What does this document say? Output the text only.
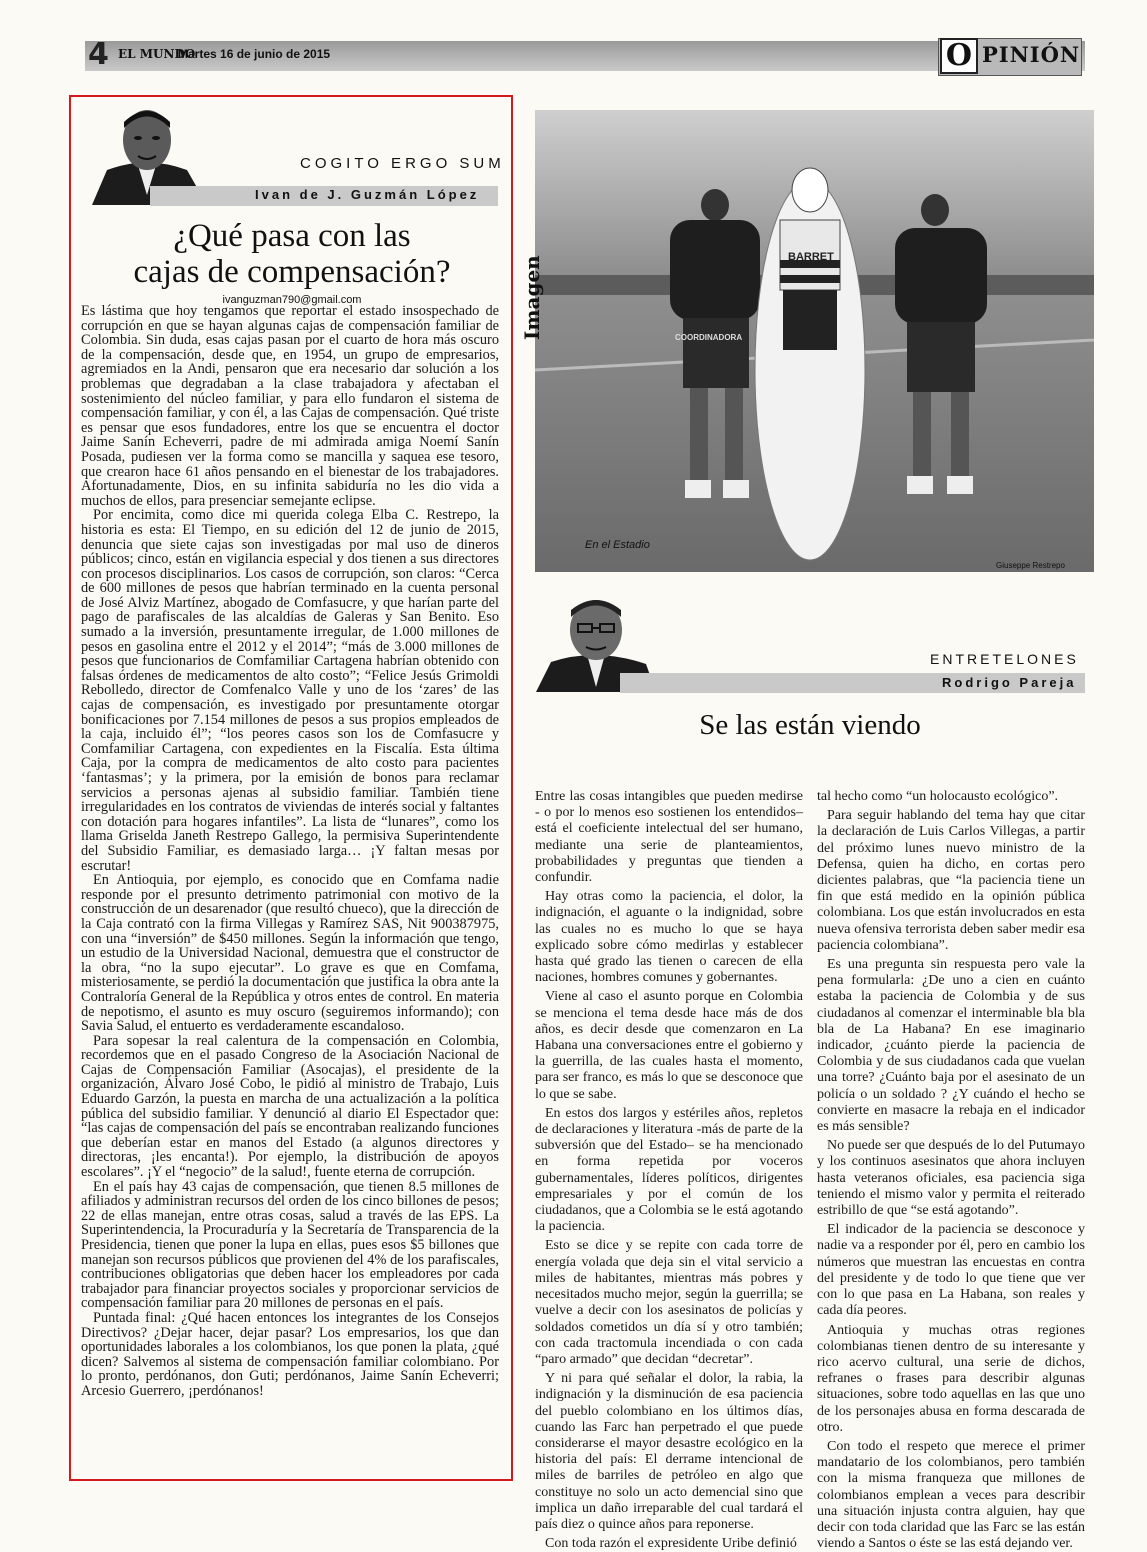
4 EL MUNDO
Martes 16 de junio de 2015	O PINIÓN
COGITO ERGO SUM
Ivan de J. Guzmán López
¿Qué pasa con las
cajas de compensación?
ivanguzman790@gmail.com

Es lástima que hoy tengamos que reportar el estado insospechado de corrupción en que se hayan algunas cajas de compensación familiar de Colombia. Sin duda, esas cajas pasan por el cuarto de hora más oscuro de la compensación, desde que, en 1954, un grupo de empresarios, agremiados en la Andi, pensaron que era necesario dar solución a los problemas que degradaban a la clase trabajadora y afectaban el sostenimiento del núcleo familiar, y para ello fundaron el sistema de compensación familiar, y con él, a las Cajas de compensación. Qué triste es pensar que esos fundadores, entre los que se encuentra el doctor Jaime Sanín Echeverri, padre de mi admirada amiga Noemí Sanín Posada, pudiesen ver la forma como se mancilla y saquea ese tesoro, que crearon hace 61 años pensando en el bienestar de los trabajadores. Afortunadamente, Dios, en su infinita sabiduría no les dio vida a muchos de ellos, para presenciar semejante eclipse.

Por encimita, como dice mi querida colega Elba C. Restrepo, la historia es esta: El Tiempo, en su edición del 12 de junio de 2015, denuncia que siete cajas son investigadas por mal uso de dineros públicos; cinco, están en vigilancia especial y dos tienen a sus directores con procesos disciplinarios. Los casos de corrupción, son claros: “Cerca de 600 millones de pesos que habrían terminado en la cuenta personal de José Alviz Martínez, abogado de Comfasucre, y que harían parte del pago de parafiscales de las alcaldías de Galeras y San Benito. Eso sumado a la inversión, presuntamente irregular, de 1.000 millones de pesos en gasolina entre el 2012 y el 2014”; “más de 3.000 millones de pesos que funcionarios de Comfamiliar Cartagena habrían obtenido con falsas órdenes de medicamentos de alto costo”; “Felice Jesús Grimoldi Rebolledo, director de Comfenalco Valle y uno de los ‘zares’ de las cajas de compensación, es investigado por presuntamente otorgar bonificaciones por 7.154 millones de pesos a sus propios empleados de la caja, incluido él”; “los peores casos son los de Comfasucre y Comfamiliar Cartagena, con expedientes en la Fiscalía. Esta última Caja, por la compra de medicamentos de alto costo para pacientes ‘fantasmas’; y la primera, por la emisión de bonos para reclamar servicios a personas ajenas al subsidio familiar. También tiene irregularidades en los contratos de viviendas de interés social y faltantes con dotación para hogares infantiles”. La lista de “lunares”, como los llama Griselda Janeth Restrepo Gallego, la permisiva Superintendente del Subsidio Familiar, es demasiado larga… ¡Y faltan mesas por escrutar!

En Antioquia, por ejemplo, es conocido que en Comfama nadie responde por el presunto detrimento patrimonial con motivo de la construcción de un desarenador (que resultó chueco), que la dirección de la Caja contrató con la firma Villegas y Ramírez SAS, Nit 900387975, con una “inversión” de $450 millones. Según la información que tengo, un estudio de la Universidad Nacional, demuestra que el constructor de la obra, “no la supo ejecutar”. Lo grave es que en Comfama, misteriosamente, se perdió la documentación que justifica la obra ante la Contraloría General de la República y otros entes de control. En materia de nepotismo, el asunto es muy oscuro (seguiremos informando); con Savia Salud, el entuerto es verdaderamente escandaloso.

Para sopesar la real calentura de la compensación en Colombia, recordemos que en el pasado Congreso de la Asociación Nacional de Cajas de Compensación Familiar (Asocajas), el presidente de la organización, Álvaro José Cobo, le pidió al ministro de Trabajo, Luis Eduardo Garzón, la puesta en marcha de una actualización a la política pública del subsidio familiar. Y denunció al diario El Espectador que: “las cajas de compensación del país se encontraban realizando funciones que deberían estar en manos del Estado (a algunos directores y directoras, ¡les encanta!). Por ejemplo, la distribución de apoyos escolares”. ¡Y el “negocio” de la salud!, fuente eterna de corrupción.

En el país hay 43 cajas de compensación, que tienen 8.5 millones de afiliados y administran recursos del orden de los cinco billones de pesos; 22 de ellas manejan, entre otras cosas, salud a través de las EPS. La Superintendencia, la Procuraduría y la Secretaría de Transparencia de la Presidencia, tienen que poner la lupa en ellas, pues esos $5 billones que manejan son recursos públicos que provienen del 4% de los parafiscales, contribuciones obligatorias que deben hacer los empleadores por cada trabajador para financiar proyectos sociales y proporcionar servicios de compensación familiar para 20 millones de personas en el país.

Puntada final: ¿Qué hacen entonces los integrantes de los Consejos Directivos? ¿Dejar hacer, dejar pasar? Los empresarios, los que dan oportunidades laborales a los colombianos, los que ponen la plata, ¿qué dicen? Salvemos al sistema de compensación familiar colombiano. Por lo pronto, perdónanos, don Guti; perdónanos, Jaime Sanín Echeverri; Arcesio Guerrero, ¡perdónanos!

BARRET
COORDINADORA
En el Estadio
Giuseppe Restrepo
Imagen
ENTRETELONES
Rodrigo Pareja
Se las están viendo

Entre las cosas intangibles que pueden medirse - o por lo menos eso sostienen los entendidos– está el coeficiente intelectual del ser humano, mediante una serie de planteamientos, probabilidades y preguntas que tienden a confundir.

Hay otras como la paciencia, el dolor, la indignación, el aguante o la indignidad, sobre las cuales no es mucho lo que se haya explicado sobre cómo medirlas y establecer hasta qué grado las tienen o carecen de ella naciones, hombres comunes y gobernantes.

Viene al caso el asunto porque en Colombia se menciona el tema desde hace más de dos años, es decir desde que comenzaron en La Habana una conversaciones entre el gobierno y la guerrilla, de las cuales hasta el momento, para ser franco, es más lo que se desconoce que lo que se sabe.

En estos dos largos y estériles años, repletos de declaraciones y literatura -más de parte de la subversión que del Estado– se ha mencionado en forma repetida por voceros gubernamentales, líderes políticos, dirigentes empresariales y por el común de los ciudadanos, que a Colombia se le está agotando la paciencia.

Esto se dice y se repite con cada torre de energía volada que deja sin el vital servicio a miles de habitantes, mientras más pobres y necesitados mucho mejor, según la guerrilla; se vuelve a decir con los asesinatos de policías y soldados cometidos un día sí y otro también; con cada tractomula incendiada o con cada “paro armado” que decidan “decretar”.

Y ni para qué señalar el dolor, la rabia, la indignación y la disminución de esa paciencia del pueblo colombiano en los últimos días, cuando las Farc han perpetrado el que puede considerarse el mayor desastre ecológico en la historia del país: El derrame intencional de miles de barriles de petróleo en algo que constituye no solo un acto demencial sino que implica un daño irreparable del cual tardará el país diez o quince años para reponerse.

Con toda razón el expresidente Uribe definió

tal hecho como “un holocausto ecológico”.

Para seguir hablando del tema hay que citar la declaración de Luis Carlos Villegas, a partir del próximo lunes nuevo ministro de la Defensa, quien ha dicho, en cortas pero dicientes palabras, que “la paciencia tiene un fin que está medido en la opinión pública colombiana. Los que están involucrados en esta nueva ofensiva terrorista deben saber medir esa paciencia colombiana”.

Es una pregunta sin respuesta pero vale la pena formularla: ¿De uno a cien en cuánto estaba la paciencia de Colombia y de sus ciudadanos al comenzar el interminable bla bla bla de La Habana? En ese imaginario indicador, ¿cuánto pierde la paciencia de Colombia y de sus ciudadanos cada que vuelan una torre? ¿Cuánto baja por el asesinato de un policía o un soldado ? ¿Y cuándo el hecho se convierte en masacre la rebaja en el indicador es más sensible?

No puede ser que después de lo del Putumayo y los continuos asesinatos que ahora incluyen hasta veteranos oficiales, esa paciencia siga teniendo el mismo valor y permita el reiterado estribillo de que “se está agotando”.

El indicador de la paciencia se desconoce y nadie va a responder por él, pero en cambio los números que muestran las encuestas en contra del presidente y de todo lo que tiene que ver con lo que pasa en La Habana, son reales y cada día peores.

Antioquia y muchas otras regiones colombianas tienen dentro de su interesante y rico acervo cultural, una serie de dichos, refranes o frases para describir algunas situaciones, sobre todo aquellas en las que uno de los personajes abusa en forma descarada de otro.

Con todo el respeto que merece el primer mandatario de los colombianos, pero también con la misma franqueza que millones de colombianos emplean a veces para describir una situación injusta contra alguien, hay que decir con toda claridad que las Farc se las están viendo a Santos o éste se las está dejando ver.
